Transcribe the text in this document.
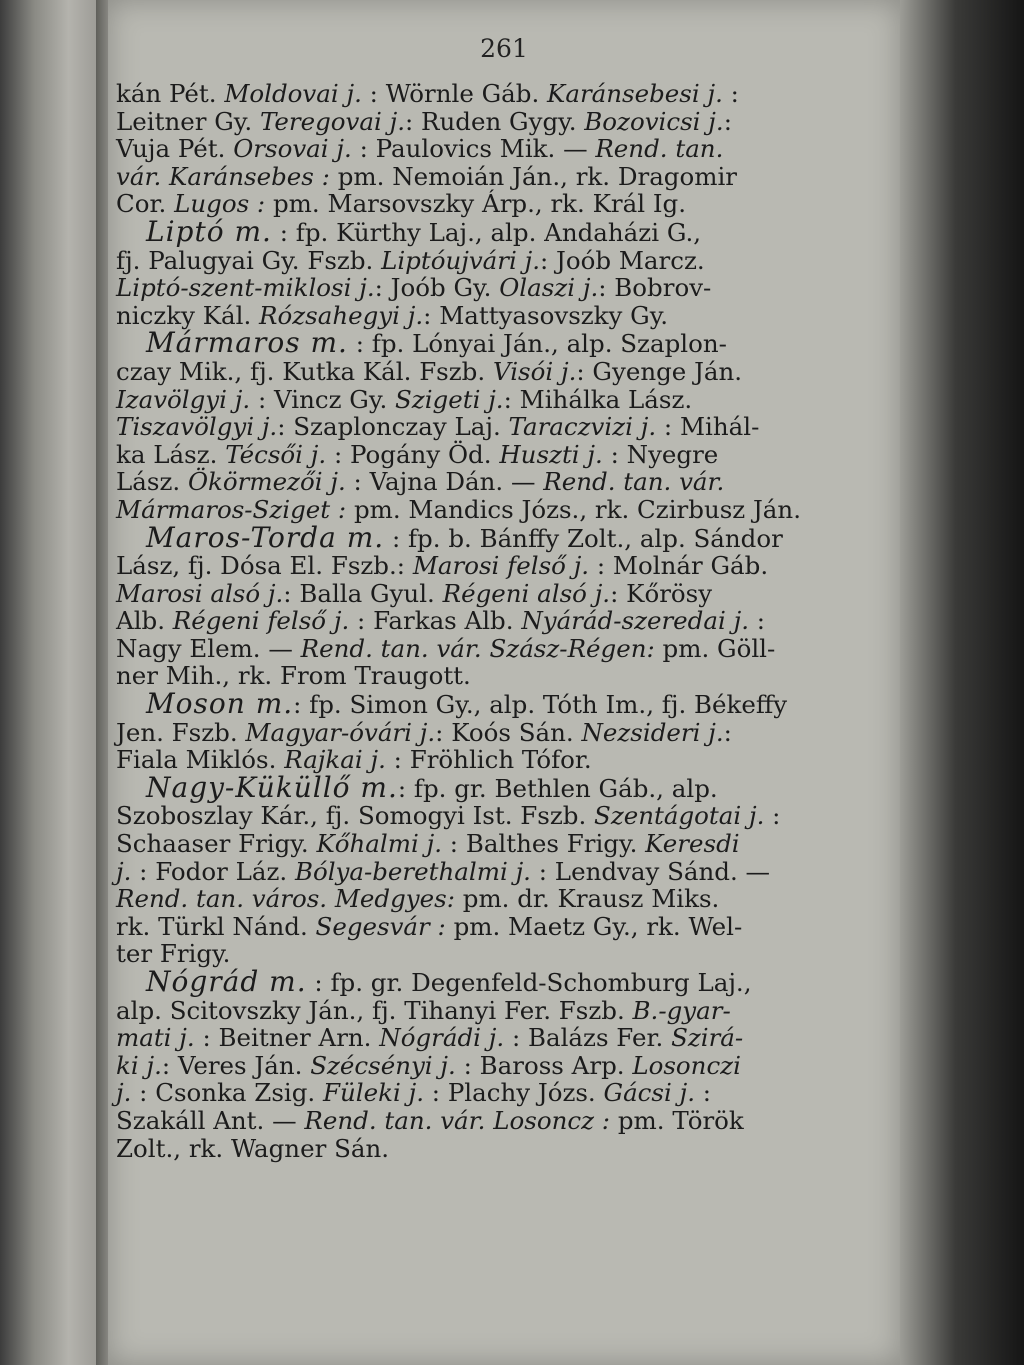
261
kán Pét. Moldovai j. : Wörnle Gáb. Karánsebesi j. :
Leitner Gy. Teregovai j.: Ruden Gygy. Bozovicsi j.:
Vuja Pét. Orsovai j. : Paulovics Mik. — Rend. tan.
vár. Karánsebes : pm. Nemoián Ján., rk. Dragomir
Cor. Lugos : pm. Marsovszky Árp., rk. Král Ig.
Liptó m. : fp. Kürthy Laj., alp. Andaházi G.,
fj. Palugyai Gy. Fszb. Liptóujvári j.: Joób Marcz.
Liptó-szent-miklosi j.: Joób Gy. Olaszi j.: Bobrov-
niczky Kál. Rózsahegyi j.: Mattyasovszky Gy.
Mármaros m. : fp. Lónyai Ján., alp. Szaplon-
czay Mik., fj. Kutka Kál. Fszb. Visói j.: Gyenge Ján.
Izavölgyi j. : Vincz Gy. Szigeti j.: Mihálka Lász.
Tiszavölgyi j.: Szaplonczay Laj. Taraczvizi j. : Mihál-
ka Lász. Técsői j. : Pogány Öd. Huszti j. : Nyegre
Lász. Ökörmezői j. : Vajna Dán. — Rend. tan. vár.
Mármaros-Sziget : pm. Mandics Józs., rk. Czirbusz Ján.
Maros-Torda m. : fp. b. Bánffy Zolt., alp. Sándor
Lász, fj. Dósa El. Fszb.: Marosi felső j. : Molnár Gáb.
Marosi alsó j.: Balla Gyul. Régeni alsó j.: Kőrösy
Alb. Régeni felső j. : Farkas Alb. Nyárád-szeredai j. :
Nagy Elem. — Rend. tan. vár. Szász-Régen: pm. Göll-
ner Mih., rk. From Traugott.
Moson m.: fp. Simon Gy., alp. Tóth Im., fj. Békeffy
Jen. Fszb. Magyar-óvári j.: Koós Sán. Nezsideri j.:
Fiala Miklós. Rajkai j. : Fröhlich Tófor.
Nagy-Küküllő m.: fp. gr. Bethlen Gáb., alp.
Szoboszlay Kár., fj. Somogyi Ist. Fszb. Szentágotai j. :
Schaaser Frigy. Kőhalmi j. : Balthes Frigy. Keresdi
j. : Fodor Láz. Bólya-berethalmi j. : Lendvay Sánd. —
Rend. tan. város. Medgyes: pm. dr. Krausz Miks.
rk. Türkl Nánd. Segesvár : pm. Maetz Gy., rk. Wel-
ter Frigy.
Nógrád m. : fp. gr. Degenfeld-Schomburg Laj.,
alp. Scitovszky Ján., fj. Tihanyi Fer. Fszb. B.-gyar-
mati j. : Beitner Arn. Nógrádi j. : Balázs Fer. Szirá-
ki j.: Veres Ján. Szécsényi j. : Baross Arp. Losonczi
j. : Csonka Zsig. Füleki j. : Plachy Józs. Gácsi j. :
Szakáll Ant. — Rend. tan. vár. Losoncz : pm. Török
Zolt., rk. Wagner Sán.
